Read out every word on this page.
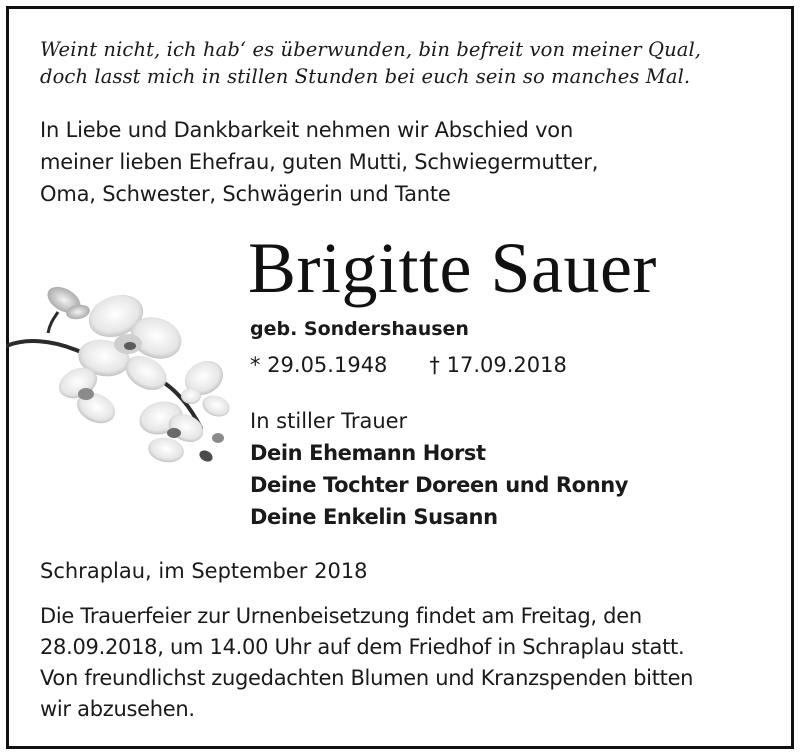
Weint nicht, ich hab‘ es überwunden, bin befreit von meiner Qual,
doch lasst mich in stillen Stunden bei euch sein so manches Mal.
In Liebe und Dankbarkeit nehmen wir Abschied von
meiner lieben Ehefrau, guten Mutti, Schwiegermutter,
Oma, Schwester, Schwägerin und Tante
Brigitte Sauer
geb. Sondershausen
* 29.05.1948 † 17.09.2018
In stiller Trauer
Dein Ehemann Horst
Deine Tochter Doreen und Ronny
Deine Enkelin Susann
Schraplau, im September 2018
Die Trauerfeier zur Urnenbeisetzung findet am Freitag, den
28.09.2018, um 14.00 Uhr auf dem Friedhof in Schraplau statt.
Von freundlichst zugedachten Blumen und Kranzspenden bitten
wir abzusehen.
